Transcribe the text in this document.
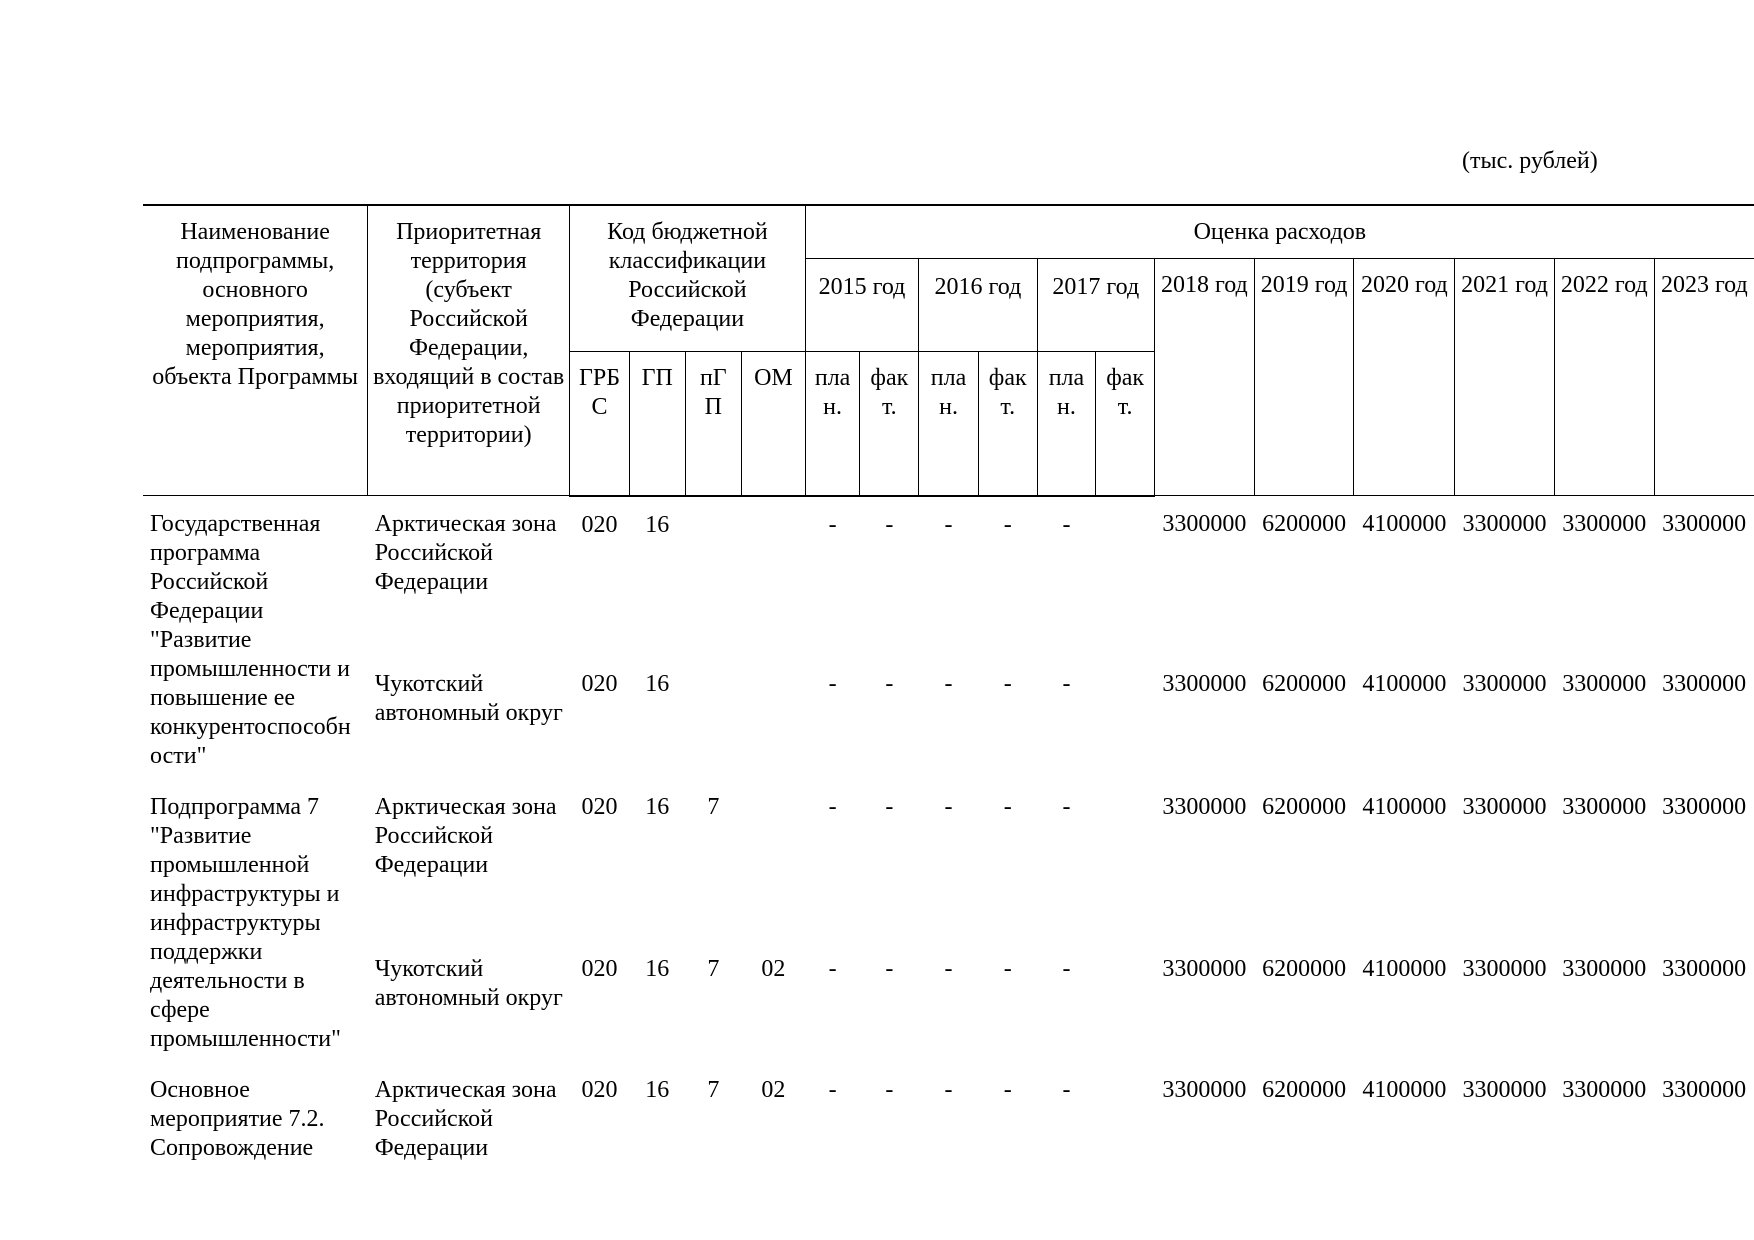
(тыс. рублей)
Наименование подпрограммы, основного мероприятия, мероприятия, объекта Программы	Приоритетная территория (субъект Российской Федерации, входящий в состав приоритетной территории)	Код бюджетной классификации Российской Федерации				Оценка расходов											
						2015 год		2016 год		2017 год		2018 год	2019 год	2020 год	2021 год	2022 год	2023 год
		ГРБ С	ГП	пГ П	ОМ	пла н.	фак т.	пла н.	фак т.	пла н.	фак т.						
Государственная программа Российской Федерации "Развитие промышленности и повышение ее конкурентоспособн ости"	Арктическая зона Российской Федерации	020	16			-	-	-	-	-		3300000	6200000	4100000	3300000	3300000	3300000
	Чукотский автономный округ	020	16			-	-	-	-	-		3300000	6200000	4100000	3300000	3300000	3300000
Подпрограмма 7 "Развитие промышленной инфраструктуры и инфраструктуры поддержки деятельности в сфере промышленности"	Арктическая зона Российской Федерации	020	16	7		-	-	-	-	-		3300000	6200000	4100000	3300000	3300000	3300000
	Чукотский автономный округ	020	16	7	02	-	-	-	-	-		3300000	6200000	4100000	3300000	3300000	3300000
Основное мероприятие 7.2. Сопровождение	Арктическая зона Российской Федерации	020	16	7	02	-	-	-	-	-		3300000	6200000	4100000	3300000	3300000	3300000
